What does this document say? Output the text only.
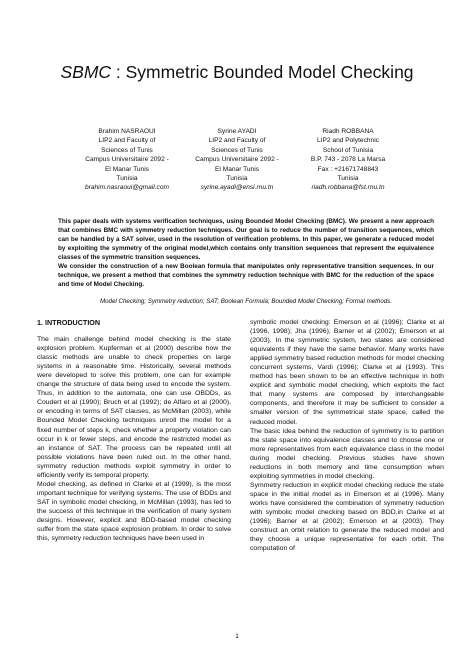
SBMC : Symmetric Bounded Model Checking
Brahim NASRAOUI
LIP2 and Faculty of
Sciences of Tunis
Campus Universitaire 2092 -
El Manar Tunis
Tunisia
brahim.nasraoui@gmail.com
Syrine AYADI
LIP2 and Faculty of
Sciences of Tunis
Campus Universitaire 2092 -
El Manar Tunis
Tunisia
syrine.ayadi@ensi.rnu.tn
Riadh ROBBANA
LIP2 and Polytechnic
School of Tunisia
B.P. 743 - 2078 La Marsa
Fax : +21671748843
Tunisia
riadh.robbana@fst.rnu.tn

This paper deals with systems verification techniques, using Bounded Model Checking (BMC). We present a new approach that combines BMC with symmetry reduction techniques. Our goal is to reduce the number of transition sequences, which can be handled by a SAT solver, used in the resolution of verification problems. In this paper, we generate a reduced model by exploiting the symmetry of the original model,which contains only transition sequences that represent the equivalence classes of the symmetric transition sequences.

We consider the construction of a new Boolean formula that manipulates only representative transition sequences. In our technique, we present a method that combines the symmetry reduction technique with BMC for the reduction of the space and time of Model Checking.

Model Checking; Symmetry reduction; SAT; Boolean Formula; Bounded Model Checking; Formal methods.
1. INTRODUCTION

The main challenge behind model checking is the state explosion problem. Kupferman et al (2000) describe how the classic methods are unable to check properties on large systems in a reasonable time. Historically, several methods were developed to solve this problem, one can for example change the structure of data being used to encode the system. Thus, in addition to the automata, one can use OBDDs, as Coudert et al (1990); Bruch et al (1992); de Alfaro et al (2000), or encoding in terms of SAT clauses, as McMillan (2003), while Bounded Model Checking techniques unroll the model for a fixed number of steps k, check whether a property violation can occur in k or fewer steps, and encode the restricted model as an instance of SAT. The process can be repeated until all possible violations have been ruled out. In the other hand, symmetry reduction methods exploit symmetry in order to efficiently verify its temporal property.

Model checking, as defined in Clarke et al (1999), is the most important technique for verifying systems. The use of BDDs and SAT in symbolic model checking, in McMillan (1993), has led to the success of this technique in the verification of many system designs. However, explicit and BDD-based model checking suffer from the state space explosion problem. In order to solve this, symmetry reduction techniques have been used in

symbolic model checking: Emerson et al (1996); Clarke et al (1996, 1998); Jha (1996); Barner et al (2002); Emerson et al (2003). In the symmetric system, two states are considered equivalents if they have the same behavior. Many works have applied symmetry based reduction methods for model checking concurrent systems, Vardi (1996); Clarke et al (1993). This method has been shown to be an effective technique in both explicit and symbolic model checking, which exploits the fact that many systems are composed by interchangeable components, and therefore it may be sufficient to consider a smaller version of the symmetrical state space, called the reduced model.

The basic idea behind the reduction of symmetry is to partition the state space into equivalence classes and to choose one or more representatives from each equivalence class in the model during model checking. Previous studies have shown reductions in both memory and time consumption when exploiting symmetries in model checking.

Symmetry reduction in explicit model checking reduce the state space in the initial model as in Emerson et al (1996). Many works have considered the combination of symmetry reduction with symbolic model checking based on BDD,in Clarke et al (1996); Barner et al (2002); Emerson et al (2003). They construct an orbit relation to generate the reduced model and they choose a unique representative for each orbit. The computation of

1
